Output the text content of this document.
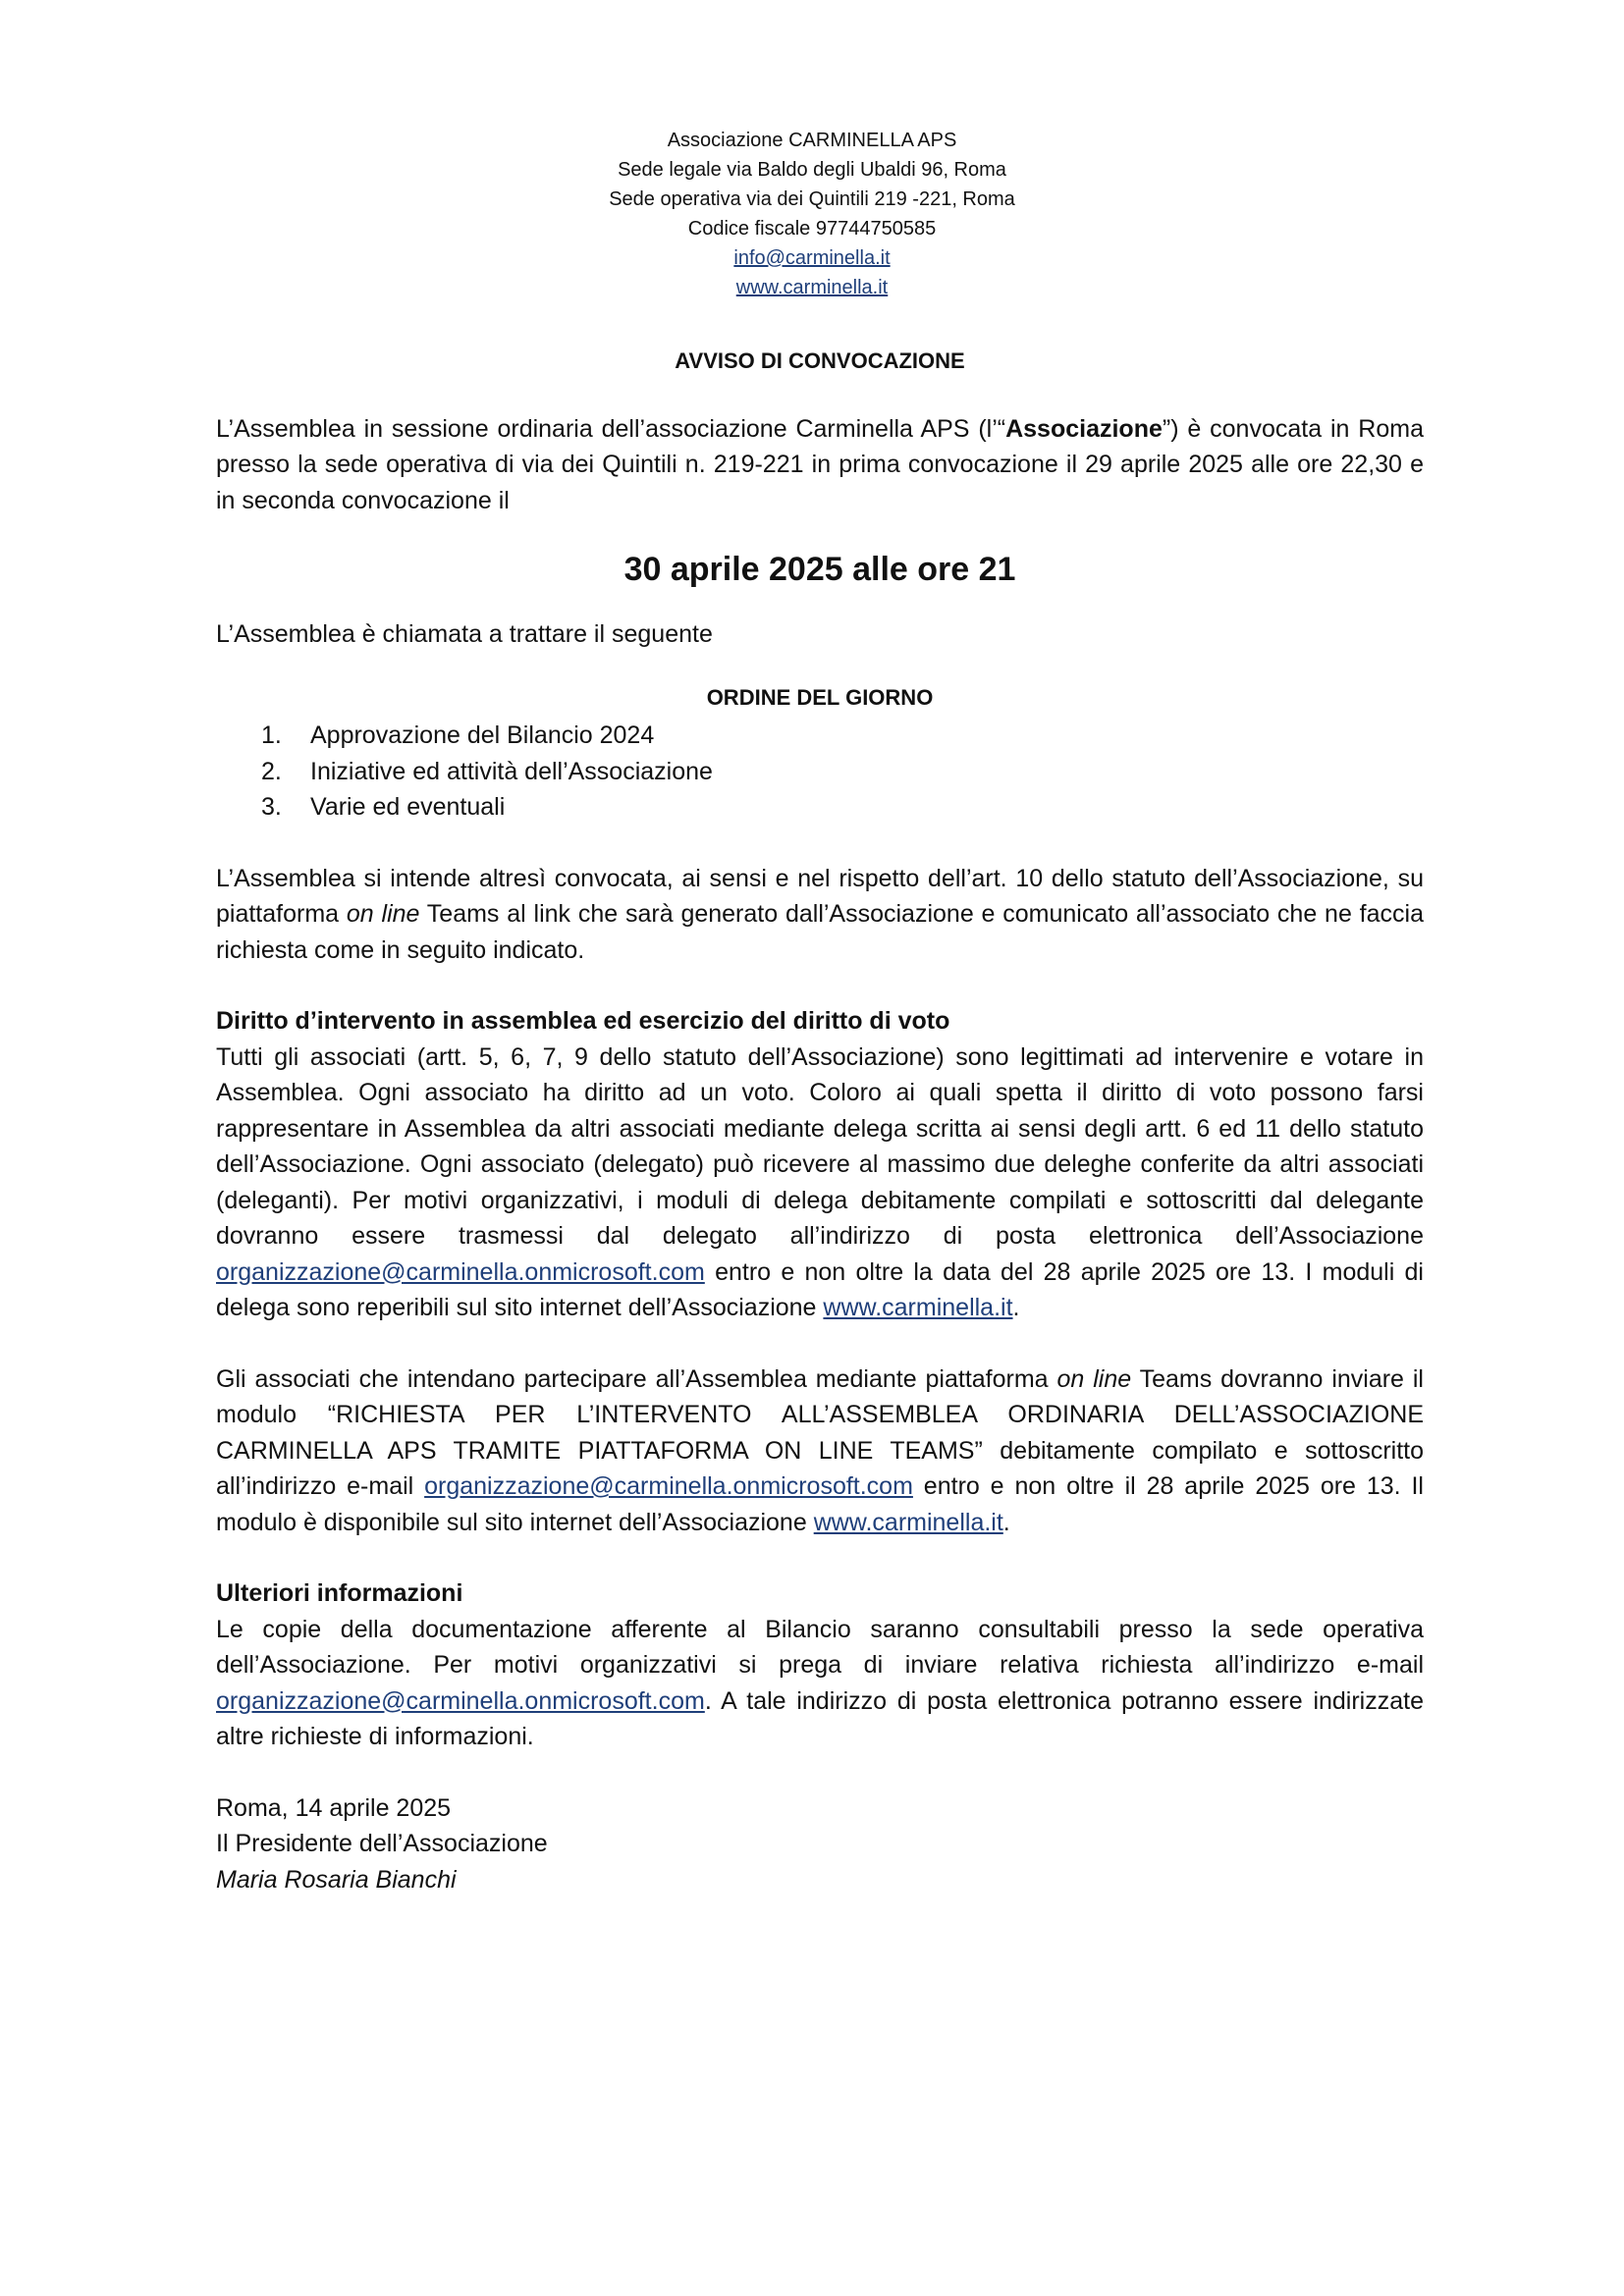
Associazione CARMINELLA APS
Sede legale via Baldo degli Ubaldi 96, Roma
Sede operativa via dei Quintili 219 -221, Roma
Codice fiscale 97744750585
info@carminella.it
www.carminella.it
AVVISO DI CONVOCAZIONE

L’Assemblea in sessione ordinaria dell’associazione Carminella APS (l’“Associazione”) è convocata in Roma presso la sede operativa di via dei Quintili n. 219-221 in prima convocazione il 29 aprile 2025 alle ore 22,30 e in seconda convocazione il

30 aprile 2025 alle ore 21

L’Assemblea è chiamata a trattare il seguente

ORDINE DEL GIORNO
1.	Approvazione del Bilancio 2024
2.	Iniziative ed attività dell’Associazione
3.	Varie ed eventuali

L’Assemblea si intende altresì convocata, ai sensi e nel rispetto dell’art. 10 dello statuto dell’Associazione, su piattaforma on line Teams al link che sarà generato dall’Associazione e comunicato all’associato che ne faccia richiesta come in seguito indicato.

Diritto d’intervento in assemblea ed esercizio del diritto di voto

Tutti gli associati (artt. 5, 6, 7, 9 dello statuto dell’Associazione) sono legittimati ad intervenire e votare in Assemblea. Ogni associato ha diritto ad un voto. Coloro ai quali spetta il diritto di voto possono farsi rappresentare in Assemblea da altri associati mediante delega scritta ai sensi degli artt. 6 ed 11 dello statuto dell’Associazione. Ogni associato (delegato) può ricevere al massimo due deleghe conferite da altri associati (deleganti). Per motivi organizzativi, i moduli di delega debitamente compilati e sottoscritti dal delegante dovranno essere trasmessi dal delegato all’indirizzo di posta elettronica dell’Associazione organizzazione@carminella.onmicrosoft.com entro e non oltre la data del 28 aprile 2025 ore 13. I moduli di delega sono reperibili sul sito internet dell’Associazione www.carminella.it.

Gli associati che intendano partecipare all’Assemblea mediante piattaforma on line Teams dovranno inviare il modulo “RICHIESTA PER L’INTERVENTO ALL’ASSEMBLEA ORDINARIA DELL’ASSOCIAZIONE CARMINELLA APS TRAMITE PIATTAFORMA ON LINE TEAMS” debitamente compilato e sottoscritto all’indirizzo e-mail organizzazione@carminella.onmicrosoft.com entro e non oltre il 28 aprile 2025 ore 13. Il modulo è disponibile sul sito internet dell’Associazione www.carminella.it.

Ulteriori informazioni

Le copie della documentazione afferente al Bilancio saranno consultabili presso la sede operativa dell’Associazione. Per motivi organizzativi si prega di inviare relativa richiesta all’indirizzo e-mail organizzazione@carminella.onmicrosoft.com. A tale indirizzo di posta elettronica potranno essere indirizzate altre richieste di informazioni.

Roma, 14 aprile 2025

Il Presidente dell’Associazione

Maria Rosaria Bianchi
